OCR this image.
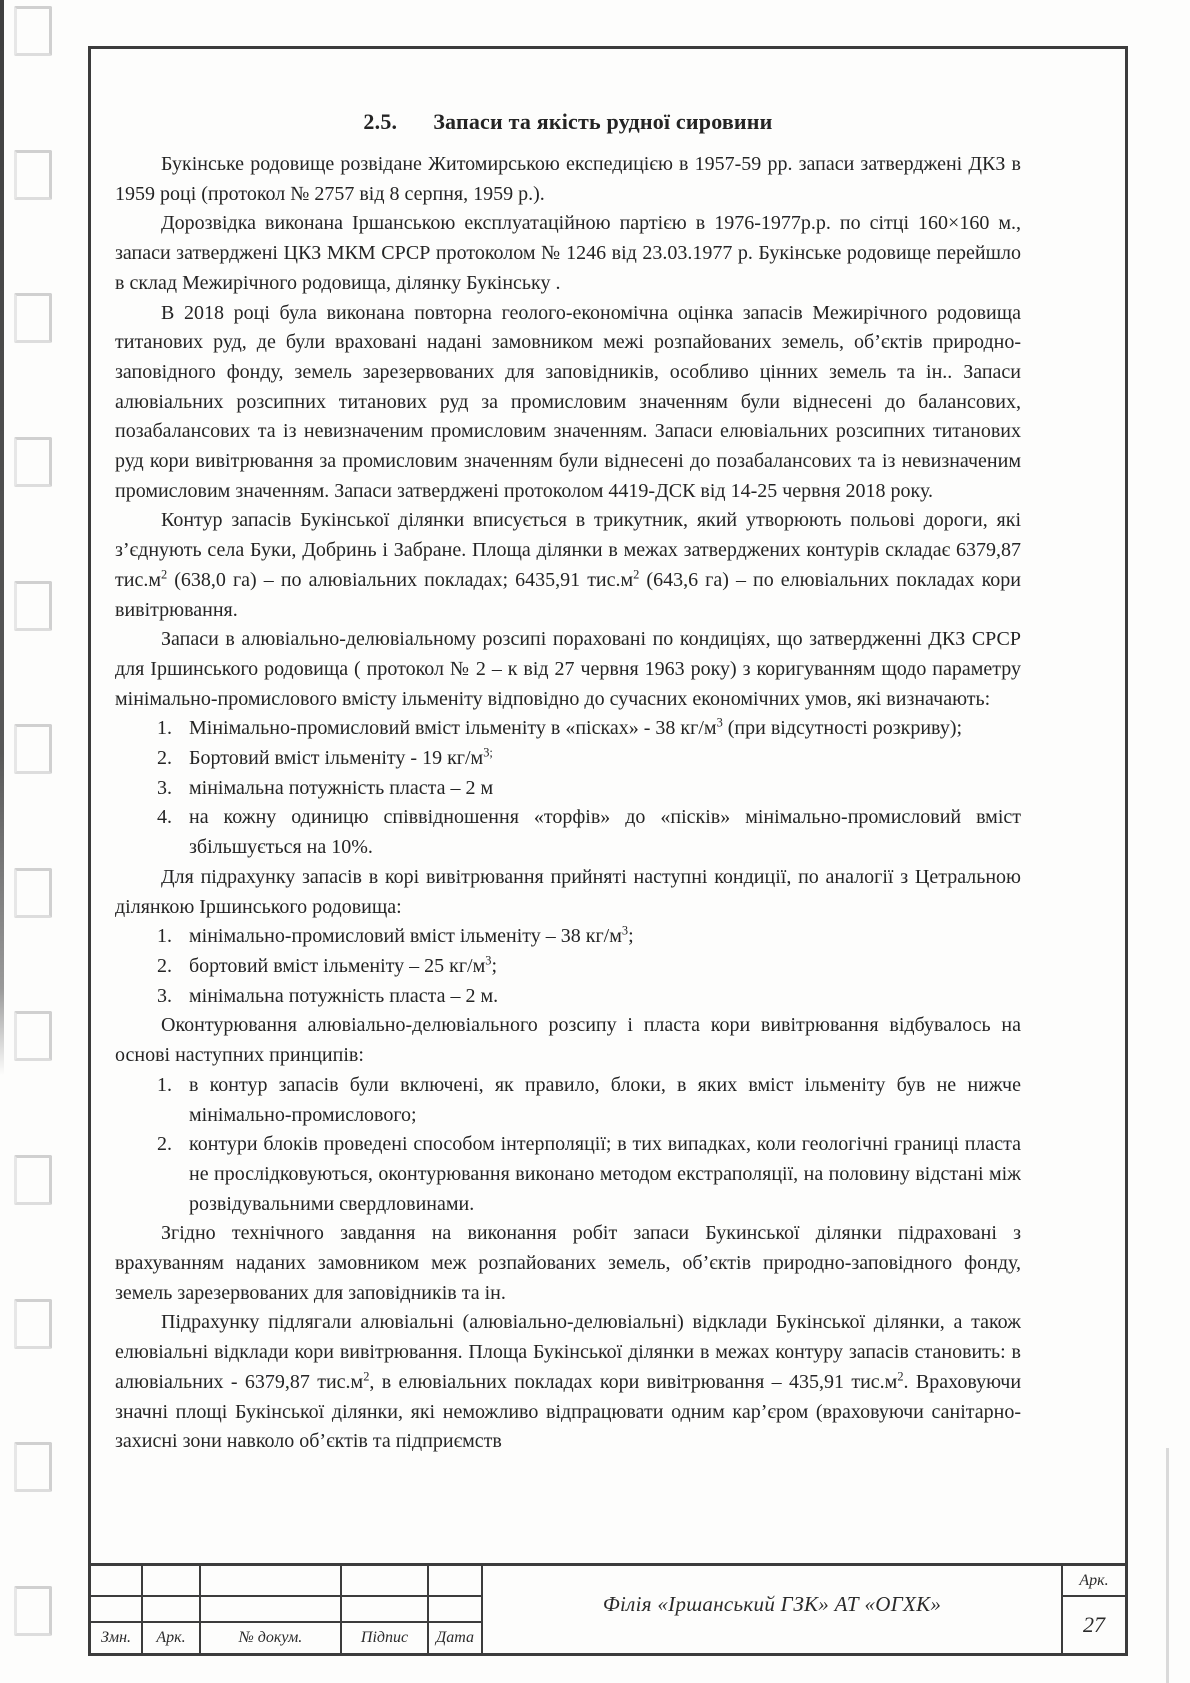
2.5. Запаси та якість рудної сировини

Букінське родовище розвідане Житомирською експедицією в 1957-59 рр. запаси затверджені ДКЗ в 1959 році (протокол № 2757 від 8 серпня, 1959 р.).

Дорозвідка виконана Іршанською експлуатаційною партією в 1976-1977р.р. по сітці 160×160 м., запаси затверджені ЦКЗ МКМ СРСР протоколом № 1246 від 23.03.1977 р. Букінське родовище перейшло в склад Межирічного родовища, ділянку Букінську .

В 2018 році була виконана повторна геолого-економічна оцінка запасів Межирічного родовища титанових руд, де були враховані надані замовником межі розпайованих земель, об’єктів природно-заповідного фонду, земель зарезервованих для заповідників, особливо цінних земель та ін.. Запаси алювіальних розсипних титанових руд за промисловим значенням були віднесені до балансових, позабалансових та із невизначеним промисловим значенням. Запаси елювіальних розсипних титанових руд кори вивітрювання за промисловим значенням були віднесені до позабалансових та із невизначеним промисловим значенням. Запаси затверджені протоколом 4419-ДСК від 14-25 червня 2018 року.

Контур запасів Букінської ділянки вписується в трикутник, який утворюють польові дороги, які з’єднують села Буки, Добринь і Забране. Площа ділянки в межах затверджених контурів складає 6379,87 $тис.м^2$ (638,0 га) – по алювіальних покладах; 6435,91 $тис.м^2$ (643,6 га) – по елювіальних покладах кори вивітрювання.

Запаси в алювіально-делювіальному розсипі пораховані по кондиціях, що затвердженні ДКЗ СРСР для Іршинського родовища ( протокол № 2 – к від 27 червня 1963 року) з коригуванням щодо параметру мінімально-промислового вмісту ільменіту відповідно до сучасних економічних умов, які визначають:

1. Мінімально-промисловий вміст ільменіту в «пісках» - 38 $кг/м^3$ (при відсутності розкриву);
2. Бортовий вміст ільменіту - 19 $кг/м^{3;}$
3. мінімальна потужність пласта – 2 м
4. на кожну одиницю співвідношення «торфів» до «пісків» мінімально-промисловий вміст збільшується на 10%.

Для підрахунку запасів в корі вивітрювання прийняті наступні кондиції, по аналогії з Цетральною ділянкою Іршинського родовища:

1. мінімально-промисловий вміст ільменіту – 38 $кг/м^3$;
2. бортовий вміст ільменіту – 25 $кг/м^3$;
3. мінімальна потужність пласта – 2 м.

Оконтурювання алювіально-делювіального розсипу і пласта кори вивітрювання відбувалось на основі наступних принципів:

1. в контур запасів були включені, як правило, блоки, в яких вміст ільменіту був не нижче мінімально-промислового;
2. контури блоків проведені способом інтерполяції; в тих випадках, коли геологічні границі пласта не прослідковуються, оконтурювання виконано методом екстраполяції, на половину відстані між розвідувальними свердловинами.

Згідно технічного завдання на виконання робіт запаси Букинської ділянки підраховані з врахуванням наданих замовником меж розпайованих земель, об’єктів природно-заповідного фонду, земель зарезервованих для заповідників та ін.

Підрахунку підлягали алювіальні (алювіально-делювіальні) відклади Букінської ділянки, а також елювіальні відклади кори вивітрювання. Площа Букінської ділянки в межах контуру запасів становить: в алювіальних - 6379,87 $тис.м^2$, в елювіальних покладах кори вивітрювання – 435,91 $тис.м^2$. Враховуючи значні площі Букінської ділянки, які неможливо відпрацювати одним кар’єром (враховуючи санітарно-захисні зони навколо об’єктів та підприємств

Змн.	Арк.	№ докум.	Підпис	Дата
Філія «Іршанський ГЗК» АТ «ОГХК»
Арк.
27
